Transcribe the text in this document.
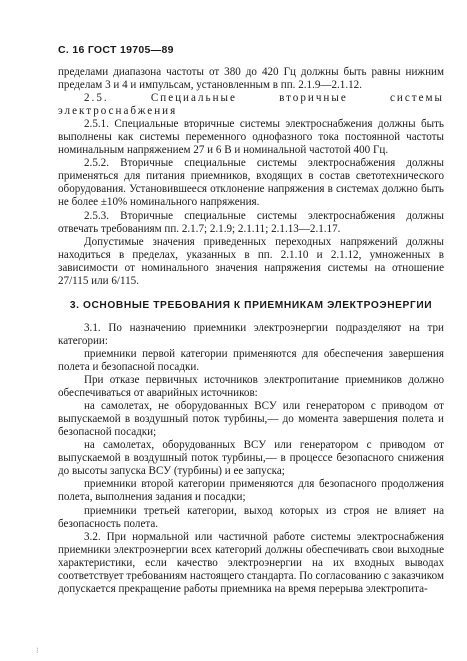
С. 16 ГОСТ 19705—89

пределами диапазона частоты от 380 до 420 Гц должны быть равны нижним пределам 3 и 4 и импульсам, установленным в пп. 2.1.9—2.1.12.

2.5. Специальные вторичные системы электроснабжения

2.5.1. Специальные вторичные системы электроснабжения должны быть выполнены как системы переменного однофазного тока постоянной частоты номинальным напряжением 27 и 6 В и номинальной частотой 400 Гц.

2.5.2. Вторичные специальные системы электроснабжения должны применяться для питания приемников, входящих в состав светотехнического оборудования. Установившееся отклонение напряжения в системах должно быть не более ±10% номинального напряжения.

2.5.3. Вторичные специальные системы электроснабжения должны отвечать требованиям пп. 2.1.7; 2.1.9; 2.1.11; 2.1.13—2.1.17.

Допустимые значения приведенных переходных напряжений должны находиться в пределах, указанных в пп. 2.1.10 и 2.1.12, умноженных в зависимости от номинального значения напряжения системы на отношение 27/115 или 6/115.

3. ОСНОВНЫЕ ТРЕБОВАНИЯ К ПРИЕМНИКАМ ЭЛЕКТРОЭНЕРГИИ

3.1. По назначению приемники электроэнергии подразделяют на три категории:

приемники первой категории применяются для обеспечения завершения полета и безопасной посадки.

При отказе первичных источников электропитание приемников должно обеспечиваться от аварийных источников:

на самолетах, не оборудованных ВСУ или генератором с приводом от выпускаемой в воздушный поток турбины,— до момента завершения полета и безопасной посадки;

на самолетах, оборудованных ВСУ или генератором с приводом от выпускаемой в воздушный поток турбины,— в процессе безопасного снижения до высоты запуска ВСУ (турбины) и ее запуска;

приемники второй категории применяются для безопасного продолжения полета, выполнения задания и посадки;

приемники третьей категории, выход которых из строя не влияет на безопасность полета.

3.2. При нормальной или частичной работе системы электроснабжения приемники электроэнергии всех категорий должны обеспечивать свои выходные характеристики, если качество электроэнергии на их входных выводах соответствует требованиям настоящего стандарта. По согласованию с заказчиком допускается прекращение работы приемника на время перерыва электропита-

⁝
